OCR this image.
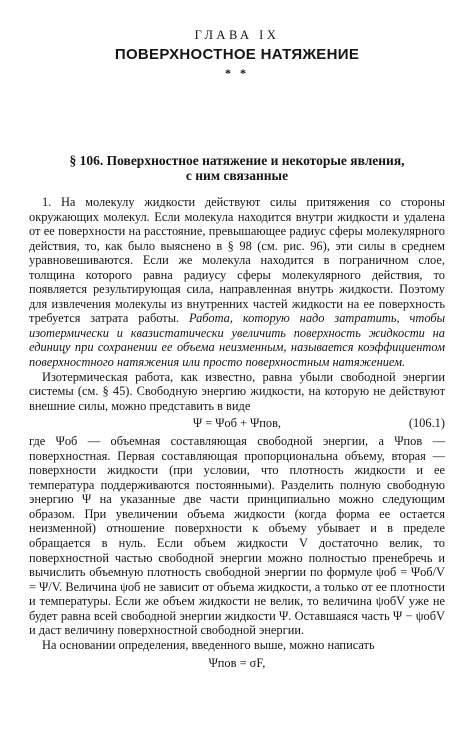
ГЛАВА IX
ПОВЕРХНОСТНОЕ НАТЯЖЕНИЕ
* *
§ 106. Поверхностное натяжение и некоторые явления,
с ним связанные

1. На молекулу жидкости действуют силы притяжения со стороны окружающих молекул. Если молекула находится внутри жидкости и удалена от ее поверхности на расстояние, превышающее радиус сферы молекулярного действия, то, как было выяснено в § 98 (см. рис. 96), эти силы в среднем уравновешиваются. Если же молекула находится в пограничном слое, толщина которого равна радиусу сферы молекулярного действия, то появляется результирующая сила, направленная внутрь жидкости. Поэтому для извлечения молекулы из внутренних частей жидкости на ее поверхность требуется затрата работы. Работа, которую надо затратить, чтобы изотермически и квазистатически увеличить поверхность жидкости на единицу при сохранении ее объема неизменным, называется коэффициентом поверхностного натяжения или просто поверхностным натяжением.

Изотермическая работа, как известно, равна убыли свободной энергии системы (см. § 45). Свободную энергию жидкости, на которую не действуют внешние силы, можно представить в виде

Ψ = Ψоб + Ψпов,	(106.1)

где Ψоб — объемная составляющая свободной энергии, а Ψпов — поверхностная. Первая составляющая пропорциональна объему, вторая — поверхности жидкости (при условии, что плотность жидкости и ее температура поддерживаются постоянными). Разделить полную свободную энергию Ψ на указанные две части принципиально можно следующим образом. При увеличении объема жидкости (когда форма ее остается неизменной) отношение поверхности к объему убывает и в пределе обращается в нуль. Если объем жидкости V достаточно велик, то поверхностной частью свободной энергии можно полностью пренебречь и вычислить объемную плотность свободной энергии по формуле ψоб = Ψоб/V = Ψ/V. Величина ψоб не зависит от объема жидкости, а только от ее плотности и температуры. Если же объем жидкости не велик, то величина ψобV уже не будет равна всей свободной энергии жидкости Ψ. Оставшаяся часть Ψ − ψобV и даст величину поверхностной свободной энергии.

На основании определения, введенного выше, можно написать

Ψпов = σF,
